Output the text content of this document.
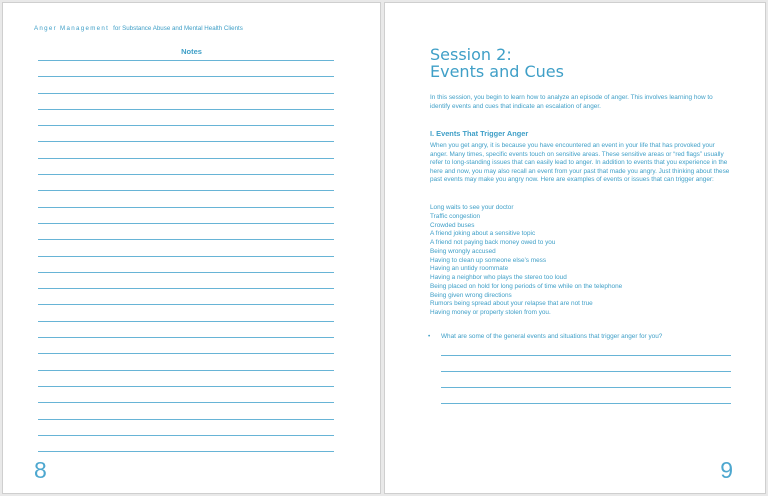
Anger Management for Substance Abuse and Mental Health Clients
Notes
8
Session 2:
Events and Cues
In this session, you begin to learn how to analyze an episode of anger. This involves learning how to identify events and cues that indicate an escalation of anger.
I. Events That Trigger Anger
When you get angry, it is because you have encountered an event in your life that has provoked your anger. Many times, specific events touch on sensitive areas. These sensitive areas or “red flags” usually refer to long-standing issues that can easily lead to anger. In addition to events that you experience in the here and now, you may also recall an event from your past that made you angry. Just thinking about these past events may make you angry now. Here are examples of events or issues that can trigger anger:
Long waits to see your doctor
Traffic congestion
Crowded buses
A friend joking about a sensitive topic
A friend not paying back money owed to you
Being wrongly accused
Having to clean up someone else’s mess
Having an untidy roommate
Having a neighbor who plays the stereo too loud
Being placed on hold for long periods of time while on the telephone
Being given wrong directions
Rumors being spread about your relapse that are not true
Having money or property stolen from you.
• What are some of the general events and situations that trigger anger for you?
9
